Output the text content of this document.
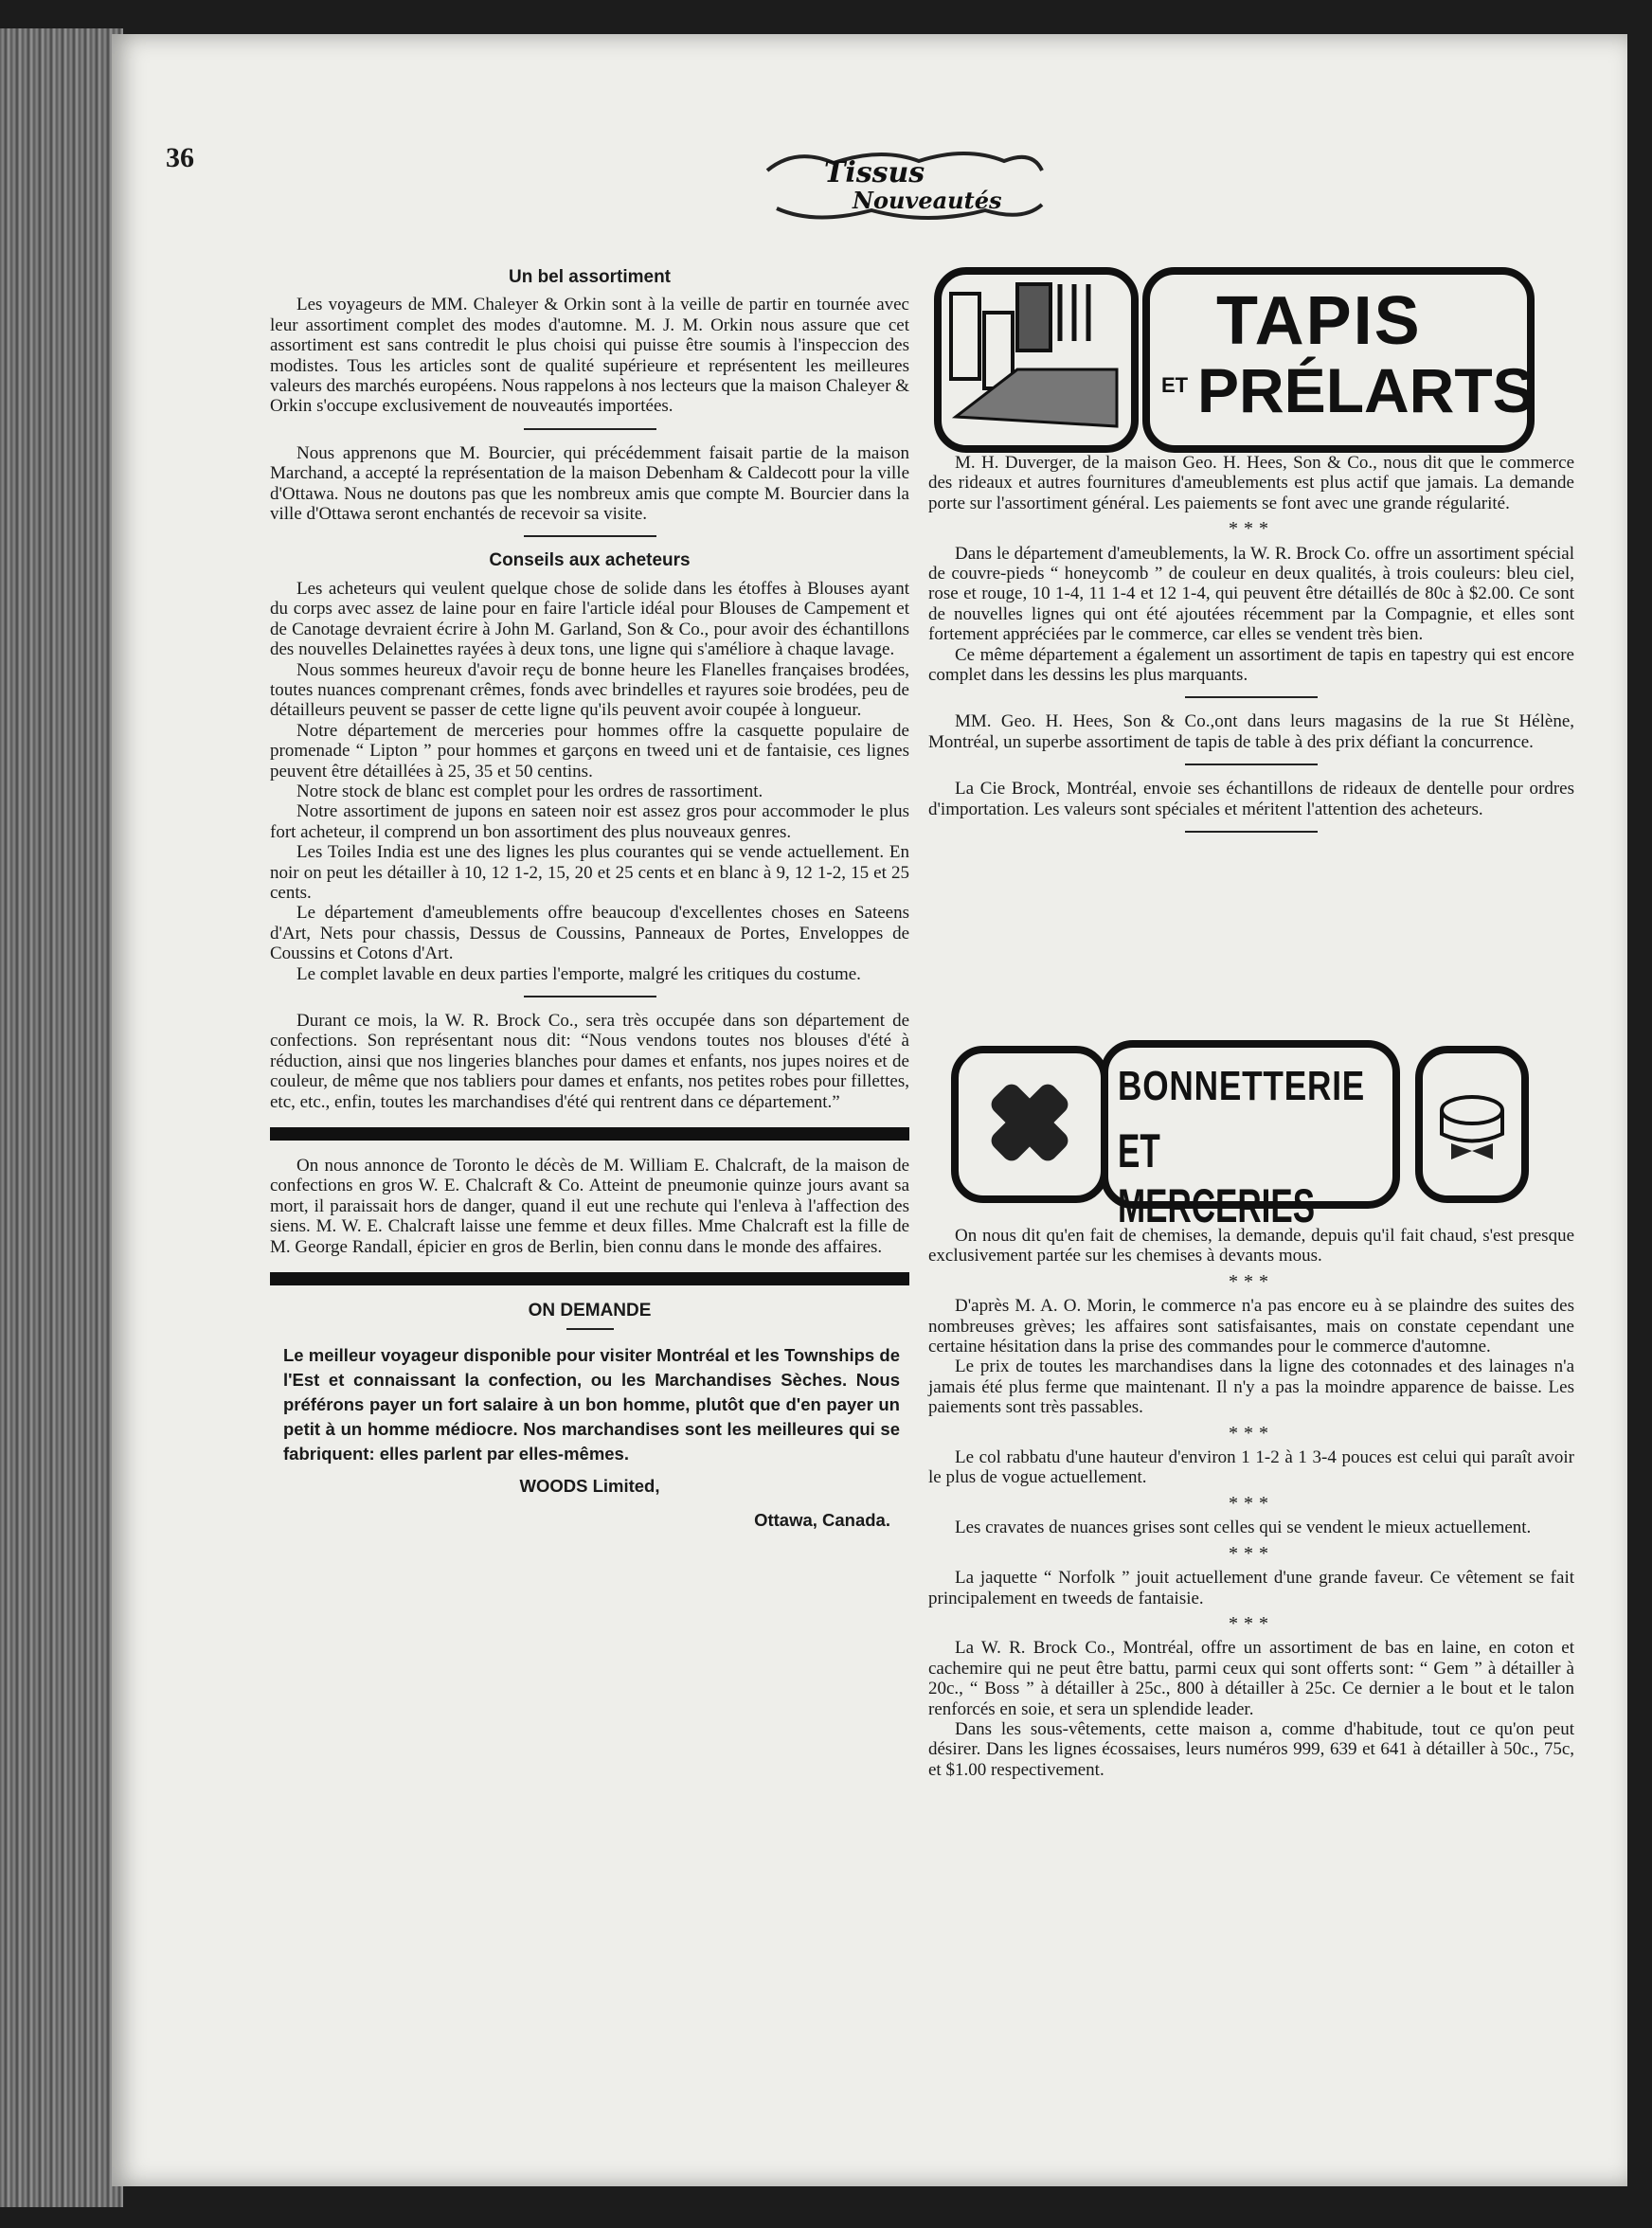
36	Tissus
Nouveautés
Un bel assortiment

Les voyageurs de MM. Chaleyer & Orkin sont à la veille de partir en tournée avec leur assortiment complet des modes d'automne. M. J. M. Orkin nous assure que cet assortiment est sans contredit le plus choisi qui puisse être soumis à l'inspeccion des modistes. Tous les articles sont de qualité supérieure et représentent les meilleures valeurs des marchés européens. Nous rappelons à nos lecteurs que la maison Chaleyer & Orkin s'occupe exclusivement de nouveautés importées.

Nous apprenons que M. Bourcier, qui précédemment faisait partie de la maison Marchand, a accepté la représentation de la maison Debenham & Caldecott pour la ville d'Ottawa. Nous ne doutons pas que les nombreux amis que compte M. Bourcier dans la ville d'Ottawa seront enchantés de recevoir sa visite.

Conseils aux acheteurs

Les acheteurs qui veulent quelque chose de solide dans les étoffes à Blouses ayant du corps avec assez de laine pour en faire l'article idéal pour Blouses de Campement et de Canotage devraient écrire à John M. Garland, Son & Co., pour avoir des échantillons des nouvelles Delainettes rayées à deux tons, une ligne qui s'améliore à chaque lavage.

Nous sommes heureux d'avoir reçu de bonne heure les Flanelles françaises brodées, toutes nuances comprenant crêmes, fonds avec brindelles et rayures soie brodées, peu de détailleurs peuvent se passer de cette ligne qu'ils peuvent avoir coupée à longueur.

Notre département de merceries pour hommes offre la casquette populaire de promenade “ Lipton ” pour hommes et garçons en tweed uni et de fantaisie, ces lignes peuvent être détaillées à 25, 35 et 50 centins.

Notre stock de blanc est complet pour les ordres de rassortiment.

Notre assortiment de jupons en sateen noir est assez gros pour accommoder le plus fort acheteur, il comprend un bon assortiment des plus nouveaux genres.

Les Toiles India est une des lignes les plus courantes qui se vende actuellement. En noir on peut les détailler à 10, 12 1-2, 15, 20 et 25 cents et en blanc à 9, 12 1-2, 15 et 25 cents.

Le département d'ameublements offre beaucoup d'excellentes choses en Sateens d'Art, Nets pour chassis, Dessus de Coussins, Panneaux de Portes, Enveloppes de Coussins et Cotons d'Art.

Le complet lavable en deux parties l'emporte, malgré les critiques du costume.

Durant ce mois, la W. R. Brock Co., sera très occupée dans son département de confections. Son représentant nous dit: “Nous vendons toutes nos blouses d'été à réduction, ainsi que nos lingeries blanches pour dames et enfants, nos jupes noires et de couleur, de même que nos tabliers pour dames et enfants, nos petites robes pour fillettes, etc, etc., enfin, toutes les marchandises d'été qui rentrent dans ce département.”

On nous annonce de Toronto le décès de M. William E. Chalcraft, de la maison de confections en gros W. E. Chalcraft & Co. Atteint de pneumonie quinze jours avant sa mort, il paraissait hors de danger, quand il eut une rechute qui l'enleva à l'affection des siens. M. W. E. Chalcraft laisse une femme et deux filles. Mme Chalcraft est la fille de M. George Randall, épicier en gros de Berlin, bien connu dans le monde des affaires.

ON DEMANDE
Le meilleur voyageur disponible pour visiter Montréal et les Townships de l'Est et connaissant la confection, ou les Marchandises Sèches. Nous préférons payer un fort salaire à un bon homme, plutôt que d'en payer un petit à un homme médiocre. Nos marchandises sont les meilleures qui se fabriquent: elles parlent par elles-mêmes.
WOODS Limited,
Ottawa, Canada.
TAPIS
ET PRÉLARTS

M. H. Duverger, de la maison Geo. H. Hees, Son & Co., nous dit que le commerce des rideaux et autres fournitures d'ameublements est plus actif que jamais. La demande porte sur l'assortiment général. Les paiements se font avec une grande régularité.

***

Dans le département d'ameublements, la W. R. Brock Co. offre un assortiment spécial de couvre-pieds “ honeycomb ” de couleur en deux qualités, à trois couleurs: bleu ciel, rose et rouge, 10 1-4, 11 1-4 et 12 1-4, qui peuvent être détaillés de 80c à $2.00. Ce sont de nouvelles lignes qui ont été ajoutées récemment par la Compagnie, et elles sont fortement appréciées par le commerce, car elles se vendent très bien.

Ce même département a également un assortiment de tapis en tapestry qui est encore complet dans les dessins les plus marquants.

MM. Geo. H. Hees, Son & Co.,ont dans leurs magasins de la rue St Hélène, Montréal, un superbe assortiment de tapis de table à des prix défiant la concurrence.

La Cie Brock, Montréal, envoie ses échantillons de rideaux de dentelle pour ordres d'importation. Les valeurs sont spéciales et méritent l'attention des acheteurs.

BONNETTERIE
ET MERCERIES

On nous dit qu'en fait de chemises, la demande, depuis qu'il fait chaud, s'est presque exclusivement partée sur les chemises à devants mous.

***

D'après M. A. O. Morin, le commerce n'a pas encore eu à se plaindre des suites des nombreuses grèves; les affaires sont satisfaisantes, mais on constate cependant une certaine hésitation dans la prise des commandes pour le commerce d'automne.

Le prix de toutes les marchandises dans la ligne des cotonnades et des lainages n'a jamais été plus ferme que maintenant. Il n'y a pas la moindre apparence de baisse. Les paiements sont très passables.

***

Le col rabbatu d'une hauteur d'environ 1 1-2 à 1 3-4 pouces est celui qui paraît avoir le plus de vogue actuellement.

***

Les cravates de nuances grises sont celles qui se vendent le mieux actuellement.

***

La jaquette “ Norfolk ” jouit actuellement d'une grande faveur. Ce vêtement se fait principalement en tweeds de fantaisie.

***

La W. R. Brock Co., Montréal, offre un assortiment de bas en laine, en coton et cachemire qui ne peut être battu, parmi ceux qui sont offerts sont: “ Gem ” à détailler à 20c., “ Boss ” à détailler à 25c., 800 à détailler à 25c. Ce dernier a le bout et le talon renforcés en soie, et sera un splendide leader.

Dans les sous-vêtements, cette maison a, comme d'habitude, tout ce qu'on peut désirer. Dans les lignes écossaises, leurs numéros 999, 639 et 641 à détailler à 50c., 75c, et $1.00 respectivement.
